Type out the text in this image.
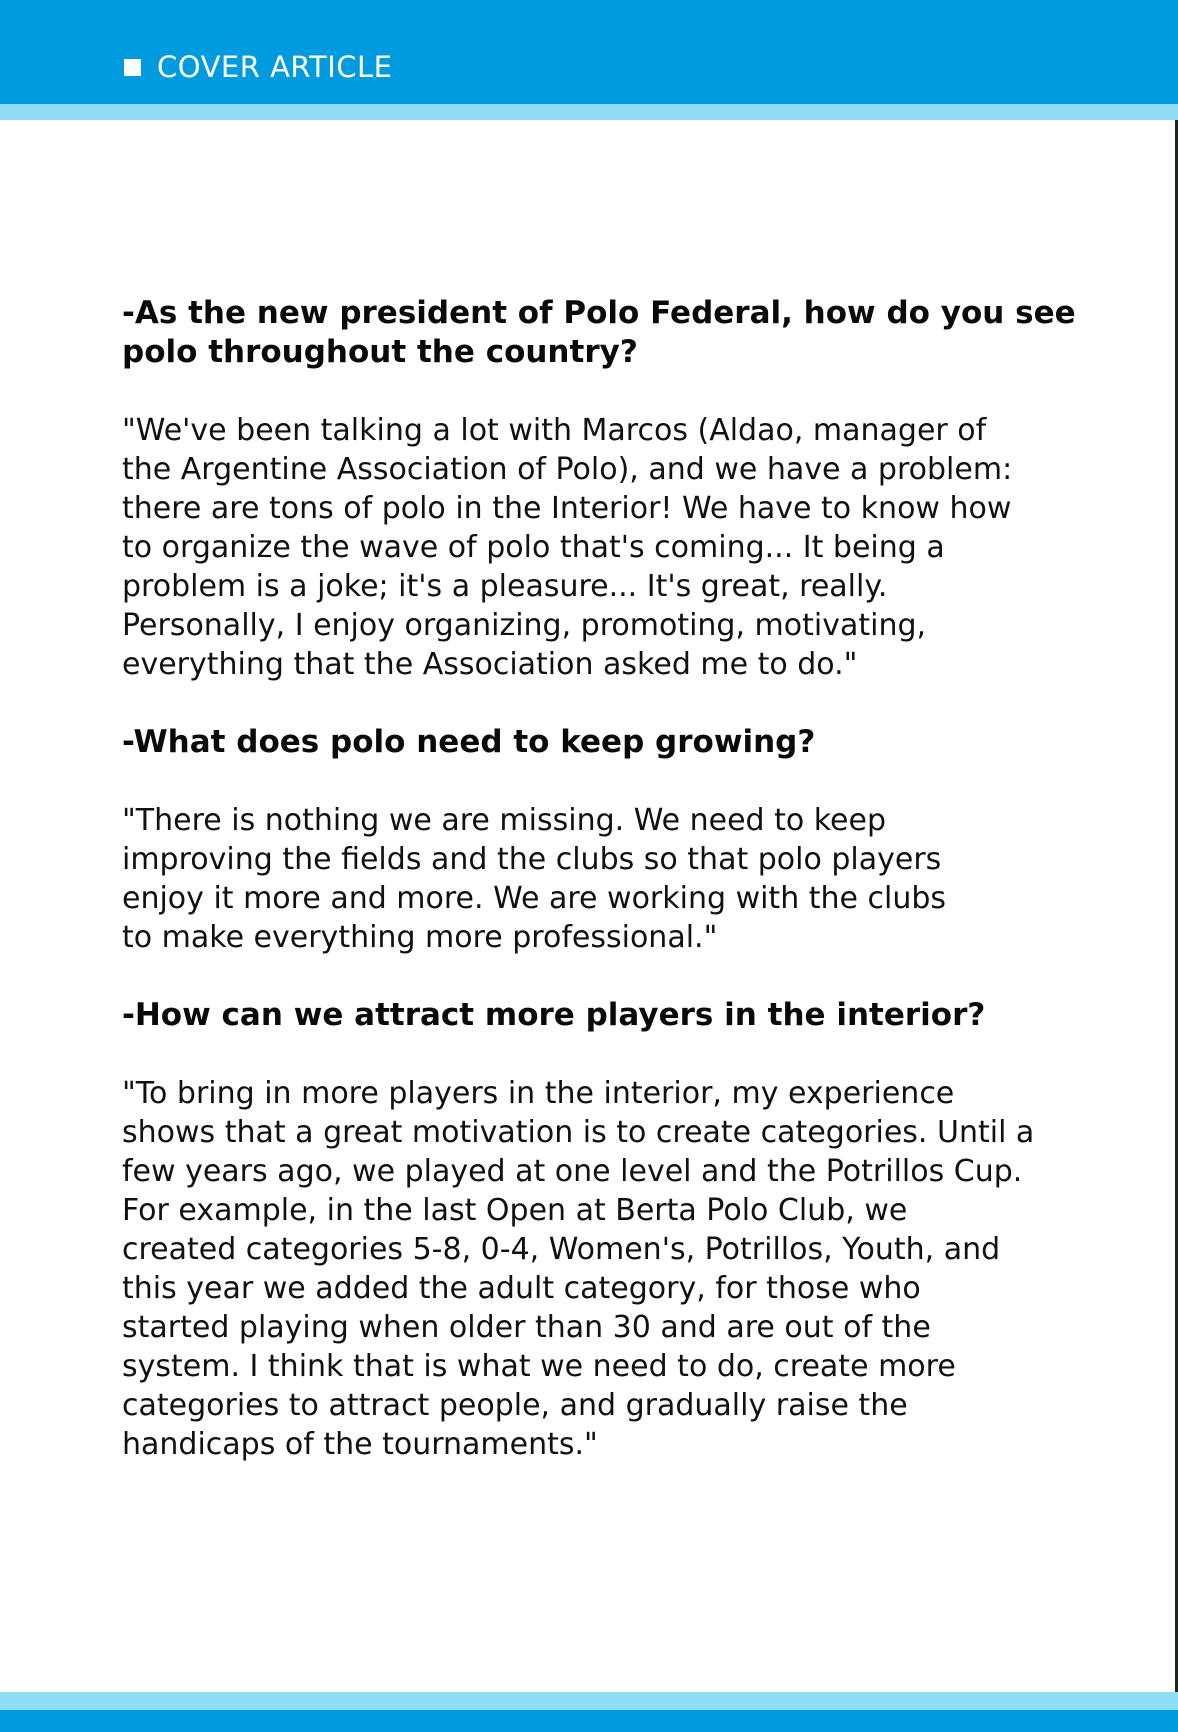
COVER ARTICLE

-As the new president of Polo Federal, how do you see
polo throughout the country?

"We've been talking a lot with Marcos (Aldao, manager of
the Argentine Association of Polo), and we have a problem:
there are tons of polo in the Interior! We have to know how
to organize the wave of polo that's coming... It being a
problem is a joke; it's a pleasure... It's great, really.
Personally, I enjoy organizing, promoting, motivating,
everything that the Association asked me to do."

-What does polo need to keep growing?

"There is nothing we are missing. We need to keep
improving the fields and the clubs so that polo players
enjoy it more and more. We are working with the clubs
to make everything more professional."

-How can we attract more players in the interior?

"To bring in more players in the interior, my experience
shows that a great motivation is to create categories. Until a
few years ago, we played at one level and the Potrillos Cup.
For example, in the last Open at Berta Polo Club, we
created categories 5-8, 0-4, Women's, Potrillos, Youth, and
this year we added the adult category, for those who
started playing when older than 30 and are out of the
system. I think that is what we need to do, create more
categories to attract people, and gradually raise the
handicaps of the tournaments."
